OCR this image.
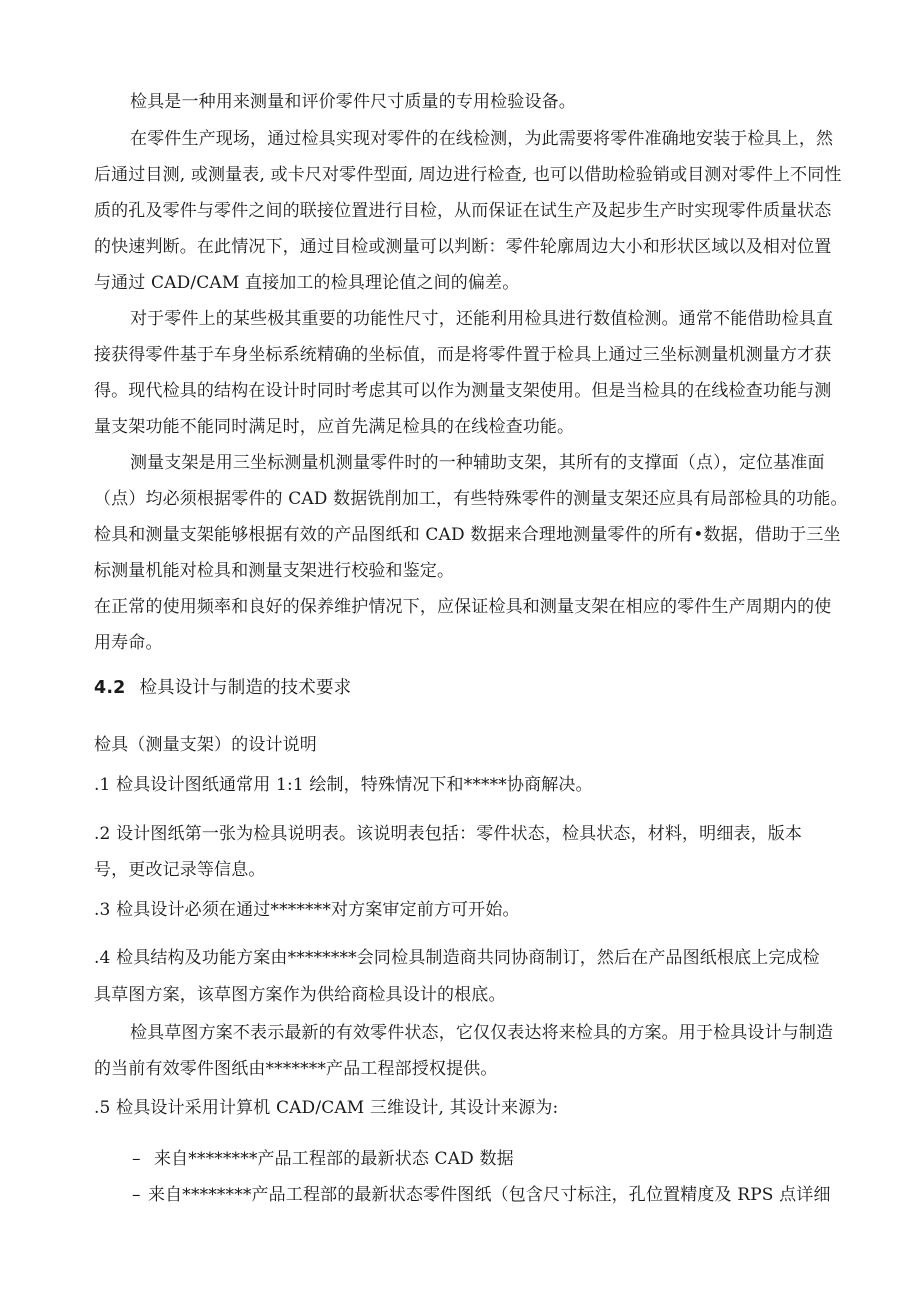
检具是一种用来测量和评价零件尺寸质量的专用检验设备。
在零件生产现场，通过检具实现对零件的在线检测，为此需要将零件准确地安装于检具上，然
后通过目测, 或测量表, 或卡尺对零件型面, 周边进行检查, 也可以借助检验销或目测对零件上不同性
质的孔及零件与零件之间的联接位置进行目检，从而保证在试生产及起步生产时实现零件质量状态
的快速判断。在此情况下，通过目检或测量可以判断：零件轮廓周边大小和形状区域以及相对位置
与通过 CAD/CAM 直接加工的检具理论值之间的偏差。
对于零件上的某些极其重要的功能性尺寸，还能利用检具进行数值检测。通常不能借助检具直
接获得零件基于车身坐标系统精确的坐标值，而是将零件置于检具上通过三坐标测量机测量方才获
得。现代检具的结构在设计时同时考虑其可以作为测量支架使用。但是当检具的在线检查功能与测
量支架功能不能同时满足时，应首先满足检具的在线检查功能。
测量支架是用三坐标测量机测量零件时的一种辅助支架，其所有的支撑面（点），定位基准面
（点）均必须根据零件的 CAD 数据铣削加工，有些特殊零件的测量支架还应具有局部检具的功能。
检具和测量支架能够根据有效的产品图纸和 CAD 数据来合理地测量零件的所有•数据，借助于三坐
标测量机能对检具和测量支架进行校验和鉴定。
在正常的使用频率和良好的保养维护情况下，应保证检具和测量支架在相应的零件生产周期内的使
用寿命。
4.2 检具设计与制造的技术要求
检具（测量支架）的设计说明
.1 检具设计图纸通常用 1:1 绘制，特殊情况下和*****协商解决。
.2 设计图纸第一张为检具说明表。该说明表包括：零件状态，检具状态，材料，明细表，版本
号，更改记录等信息。
.3 检具设计必须在通过*******对方案审定前方可开始。
.4 检具结构及功能方案由********会同检具制造商共同协商制订，然后在产品图纸根底上完成检
具草图方案，该草图方案作为供给商检具设计的根底。
检具草图方案不表示最新的有效零件状态，它仅仅表达将来检具的方案。用于检具设计与制造
的当前有效零件图纸由*******产品工程部授权提供。
.5 检具设计采用计算机 CAD/CAM 三维设计, 其设计来源为:
– 来自********产品工程部的最新状态 CAD 数据
– 来自********产品工程部的最新状态零件图纸（包含尺寸标注，孔位置精度及 RPS 点详细
